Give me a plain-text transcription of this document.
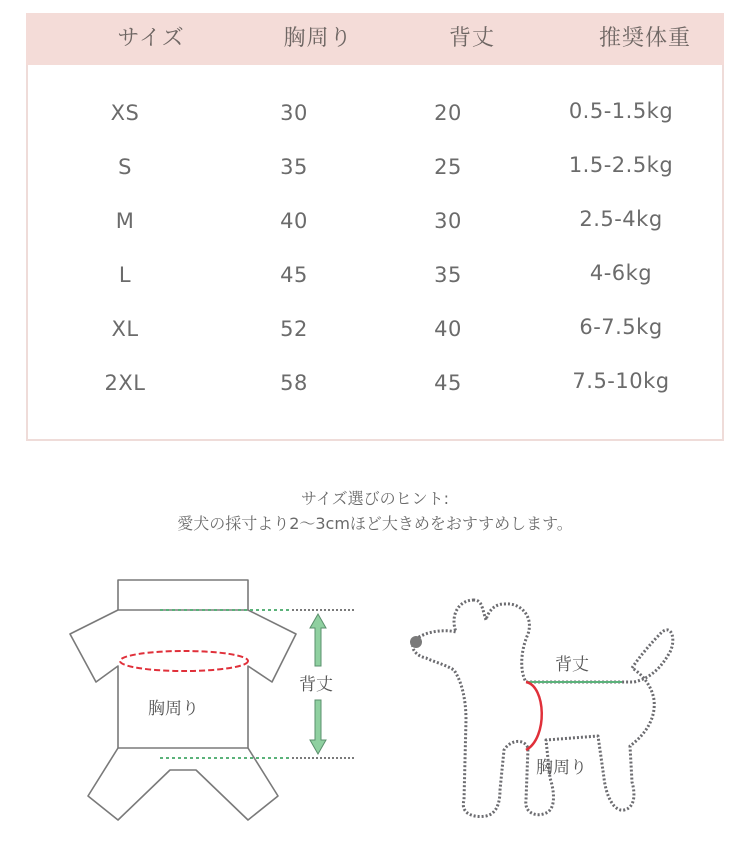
サイズ	胸周り	背丈	推奨体重
XS	30	20	0.5-1.5kg
S	35	25	1.5-2.5kg
M	40	30	2.5-4kg
L	45	35	4-6kg
XL	52	40	6-7.5kg
2XL	58	45	7.5-10kg
サイズ選びのヒント:
愛犬の採寸より2～3cmほど大きめをおすすめします。
胸周り
背丈
背丈
胸周り
